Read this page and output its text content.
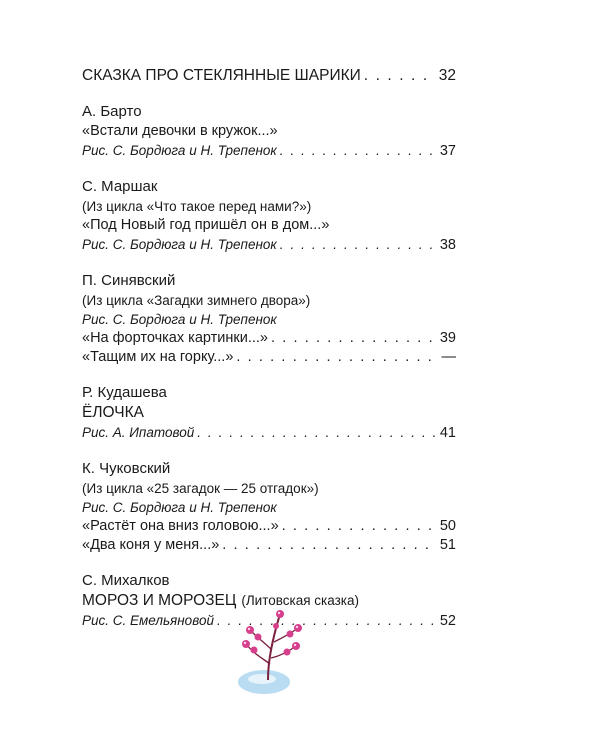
СКАЗКА ПРО СТЕКЛЯННЫЕ ШАРИКИ . . .	32
А. Барто
«Встали девочки в кружок...»
Рис. С. Бордюга и Н. Трепенок . . .	37
С. Маршак
(Из цикла «Что такое перед нами?»)
«Под Новый год пришёл он в дом...»
Рис. С. Бордюга и Н. Трепенок . . .	38
П. Синявский
(Из цикла «Загадки зимнего двора»)
Рис. С. Бордюга и Н. Трепенок
«На форточках картинки...» . . .	39
«Тащим их на горку...» . . .	—
Р. Кудашева
ЁЛОЧКА
Рис. А. Ипатовой . . .	41
К. Чуковский
(Из цикла «25 загадок — 25 отгадок»)
Рис. С. Бордюга и Н. Трепенок
«Растёт она вниз головою...» . . .	50
«Два коня у меня...» . . .	51
С. Михалков
МОРОЗ И МОРОЗЕЦ (Литовская сказка)
Рис. С. Емельяновой . . .	52
